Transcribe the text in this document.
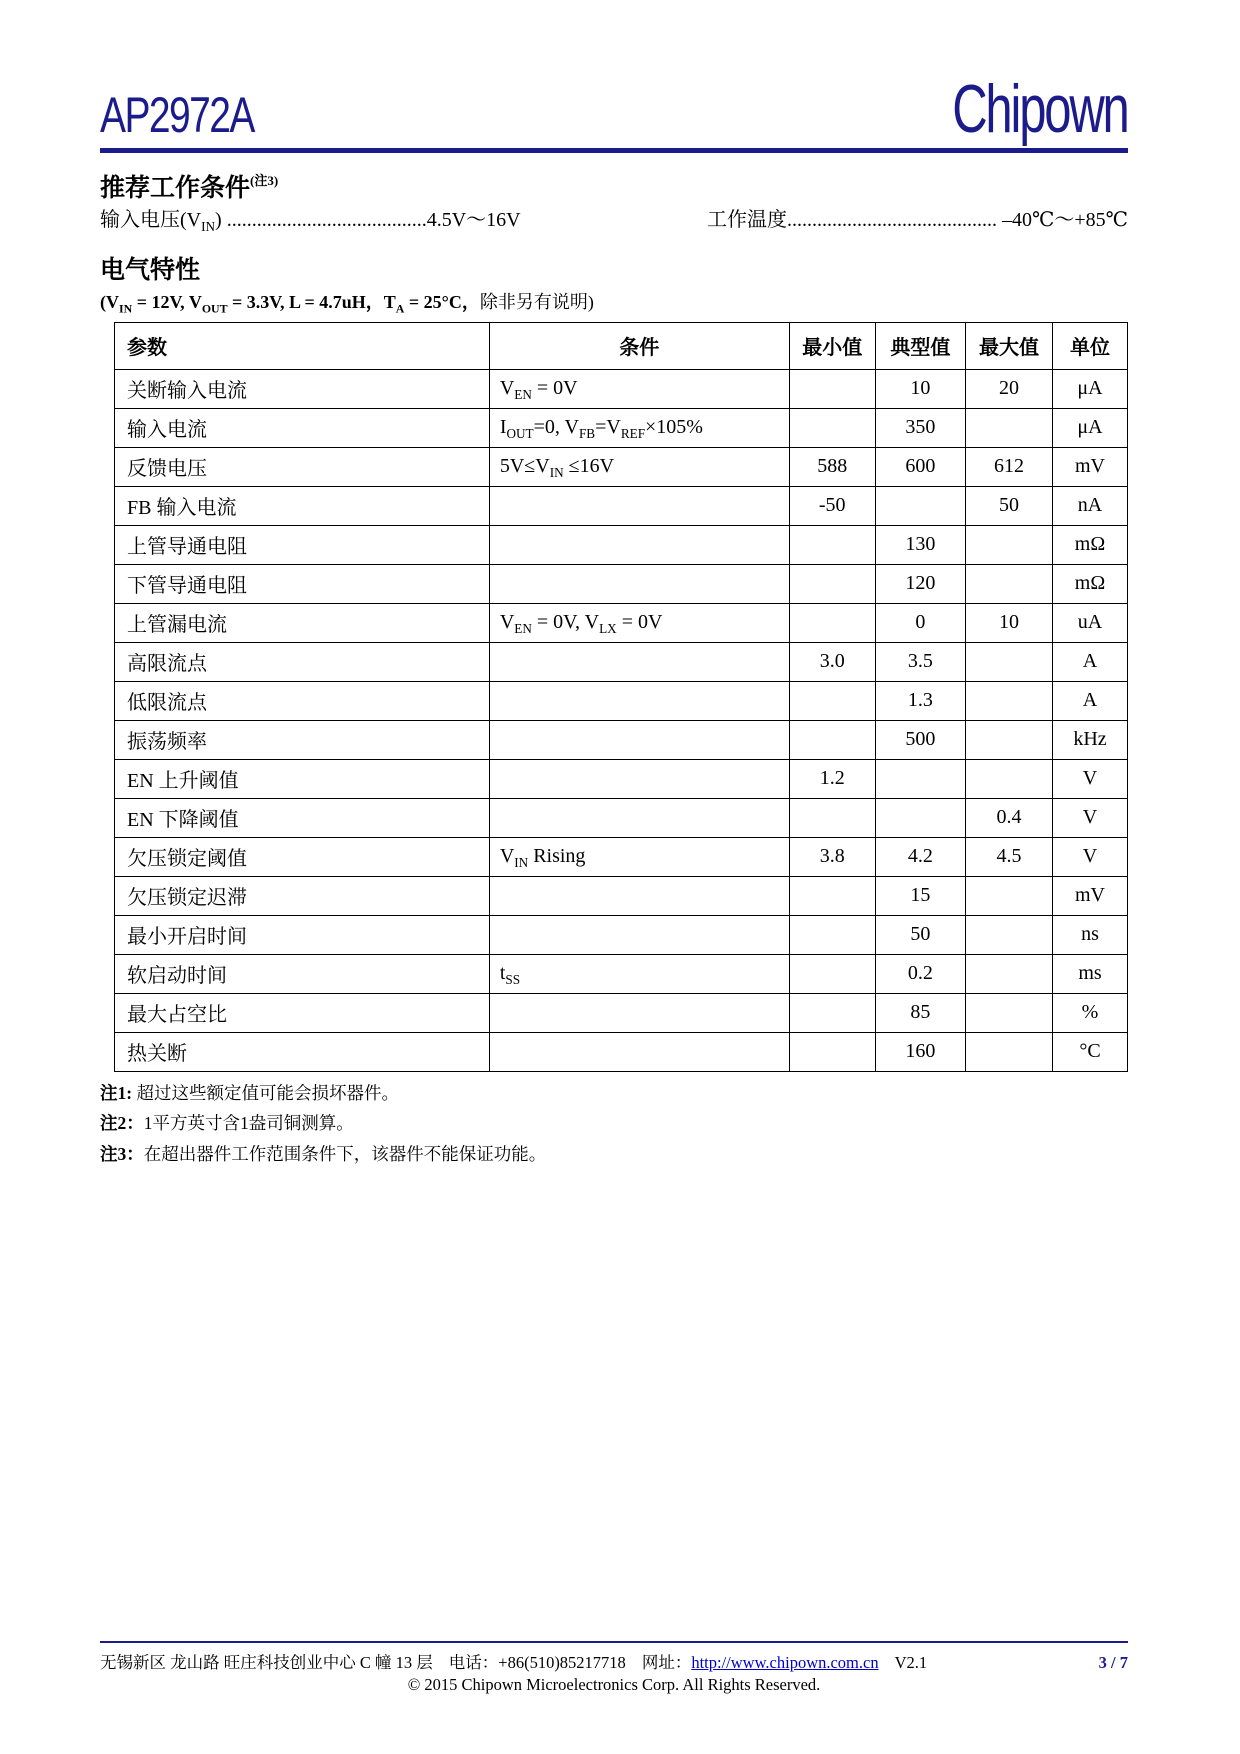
AP2972A	Chipown
推荐工作条件$^{(注3)}$
输入电压$(V_{IN})$ ........................................4.5V～16V	工作温度.......................................... –40℃～+85℃
电气特性
($V_{IN} = 12V$, $V_{OUT} = 3.3V$, L = 4.7uH，$T_A = 25^\circ C$，除非另有说明)
参数	条件	最小值	典型值	最大值	单位
关断输入电流	$V_{EN} = 0V$		10	20	μA
输入电流	$I_{OUT}=0$, $V_{FB}=V_{REF}\times 105\%$		350		μA
反馈电压	$5V\le V_{IN} \le 16V$	588	600	612	mV
FB 输入电流		-50		50	nA
上管导通电阻			130		mΩ
下管导通电阻			120		mΩ
上管漏电流	$V_{EN} = 0V$, $V_{LX} = 0V$		0	10	uA
高限流点		3.0	3.5		A
低限流点			1.3		A
振荡频率			500		kHz
EN 上升阈值		1.2			V
EN 下降阈值				0.4	V
欠压锁定阈值	$V_{IN}$ Rising	3.8	4.2	4.5	V
欠压锁定迟滞			15		mV
最小开启时间			50		ns
软启动时间	$t_{SS}$		0.2		ms
最大占空比			85		%
热关断			160		°C
注1: 超过这些额定值可能会损坏器件。
注2：1平方英寸含1盎司铜测算。
注3：在超出器件工作范围条件下，该器件不能保证功能。
无锡新区 龙山路 旺庄科技创业中心 C 幢 13 层 电话： +86(510)85217718 网址： http://www.chipown.com.cn V2.1	3 / 7
© 2015 Chipown Microelectronics Corp. All Rights Reserved.
